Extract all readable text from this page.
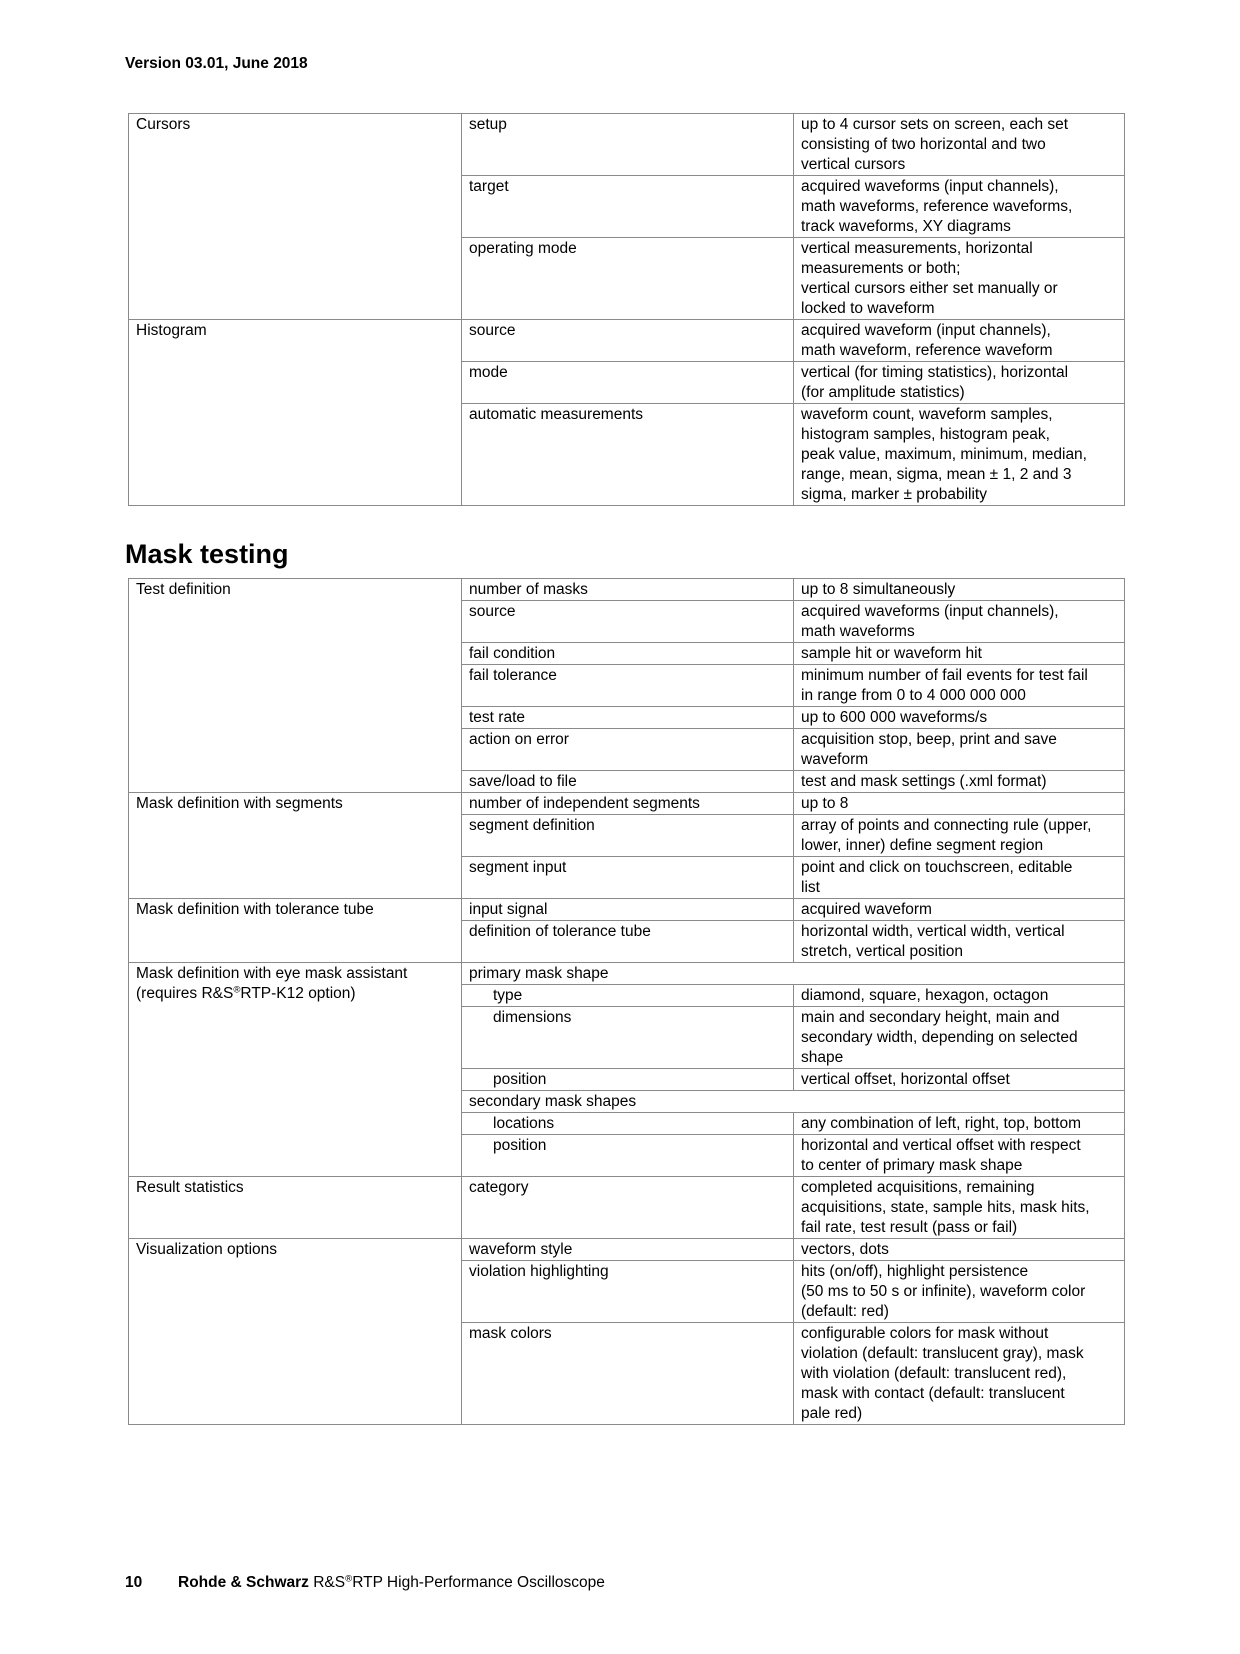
Version 03.01, June 2018
Cursors	setup	up to 4 cursor sets on screen, each set
consisting of two horizontal and two
vertical cursors
	target	acquired waveforms (input channels),
math waveforms, reference waveforms,
track waveforms, XY diagrams
	operating mode	vertical measurements, horizontal
measurements or both;
vertical cursors either set manually or
locked to waveform
Histogram	source	acquired waveform (input channels),
math waveform, reference waveform
	mode	vertical (for timing statistics), horizontal
(for amplitude statistics)
	automatic measurements	waveform count, waveform samples,
histogram samples, histogram peak,
peak value, maximum, minimum, median,
range, mean, sigma, mean ± 1, 2 and 3
sigma, marker ± probability
Mask testing
Test definition	number of masks	up to 8 simultaneously
	source	acquired waveforms (input channels),
math waveforms
	fail condition	sample hit or waveform hit
	fail tolerance	minimum number of fail events for test fail
in range from 0 to 4 000 000 000
	test rate	up to 600 000 waveforms/s
	action on error	acquisition stop, beep, print and save
waveform
	save/load to file	test and mask settings (.xml format)
Mask definition with segments	number of independent segments	up to 8
	segment definition	array of points and connecting rule (upper,
lower, inner) define segment region
	segment input	point and click on touchscreen, editable
list
Mask definition with tolerance tube	input signal	acquired waveform
	definition of tolerance tube	horizontal width, vertical width, vertical
stretch, vertical position
Mask definition with eye mask assistant
(requires R&S®RTP-K12 option)	primary mask shape	
	type	diamond, square, hexagon, octagon
	dimensions	main and secondary height, main and
secondary width, depending on selected
shape
	position	vertical offset, horizontal offset
	secondary mask shapes	
	locations	any combination of left, right, top, bottom
	position	horizontal and vertical offset with respect
to center of primary mask shape
Result statistics	category	completed acquisitions, remaining
acquisitions, state, sample hits, mask hits,
fail rate, test result (pass or fail)
Visualization options	waveform style	vectors, dots
	violation highlighting	hits (on/off), highlight persistence
(50 ms to 50 s or infinite), waveform color
(default: red)
	mask colors	configurable colors for mask without
violation (default: translucent gray), mask
with violation (default: translucent red),
mask with contact (default: translucent
pale red)
10 Rohde & Schwarz R&S®RTP High-Performance Oscilloscope
